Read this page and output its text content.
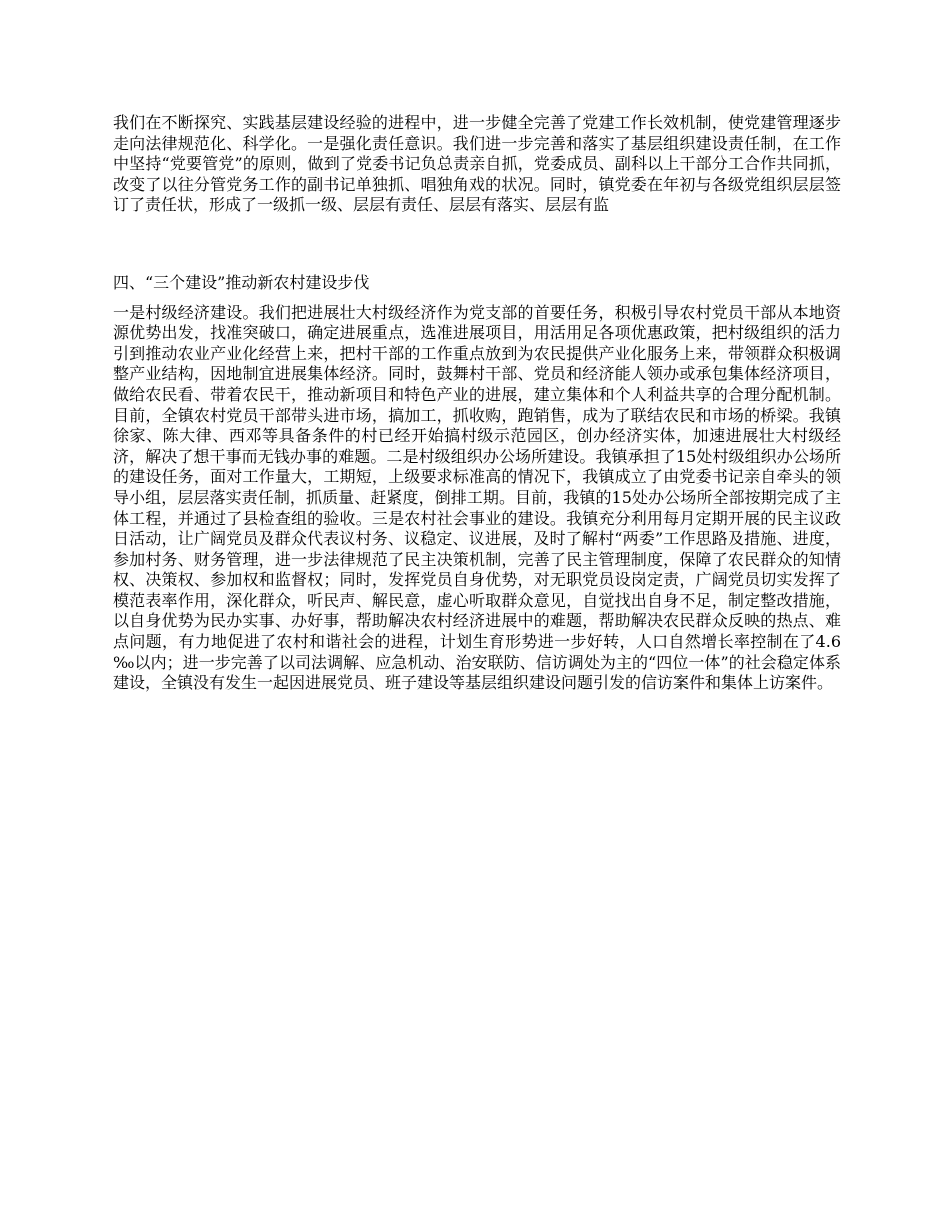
我们在不断探究、实践基层建设经验的进程中，进一步健全完善了党建工作长效机制，使党建管理逐步走向法律规范化、科学化。一是强化责任意识。我们进一步完善和落实了基层组织建设责任制，在工作中坚持“党要管党”的原则，做到了党委书记负总责亲自抓，党委成员、副科以上干部分工合作共同抓，改变了以往分管党务工作的副书记单独抓、唱独角戏的状况。同时，镇党委在年初与各级党组织层层签订了责任状，形成了一级抓一级、层层有责任、层层有落实、层层有监

四、“三个建设”推动新农村建设步伐

一是村级经济建设。我们把进展壮大村级经济作为党支部的首要任务，积极引导农村党员干部从本地资源优势出发，找准突破口，确定进展重点，选准进展项目，用活用足各项优惠政策，把村级组织的活力引到推动农业产业化经营上来，把村干部的工作重点放到为农民提供产业化服务上来，带领群众积极调整产业结构，因地制宜进展集体经济。同时，鼓舞村干部、党员和经济能人领办或承包集体经济项目，做给农民看、带着农民干，推动新项目和特色产业的进展，建立集体和个人利益共享的合理分配机制。目前，全镇农村党员干部带头进市场，搞加工，抓收购，跑销售，成为了联结农民和市场的桥梁。我镇徐家、陈大律、西邓等具备条件的村已经开始搞村级示范园区，创办经济实体，加速进展壮大村级经济，解决了想干事而无钱办事的难题。二是村级组织办公场所建设。我镇承担了15处村级组织办公场所的建设任务，面对工作量大，工期短，上级要求标准高的情况下，我镇成立了由党委书记亲自牵头的领导小组，层层落实责任制，抓质量、赶紧度，倒排工期。目前，我镇的15处办公场所全部按期完成了主体工程，并通过了县检查组的验收。三是农村社会事业的建设。我镇充分利用每月定期开展的民主议政日活动，让广阔党员及群众代表议村务、议稳定、议进展，及时了解村“两委”工作思路及措施、进度，参加村务、财务管理，进一步法律规范了民主决策机制，完善了民主管理制度，保障了农民群众的知情权、决策权、参加权和监督权；同时，发挥党员自身优势，对无职党员设岗定责，广阔党员切实发挥了模范表率作用，深化群众，听民声、解民意，虚心听取群众意见，自觉找出自身不足，制定整改措施，以自身优势为民办实事、办好事，帮助解决农村经济进展中的难题，帮助解决农民群众反映的热点、难点问题，有力地促进了农村和谐社会的进程，计划生育形势进一步好转，人口自然增长率控制在了4.6 ‰以内；进一步完善了以司法调解、应急机动、治安联防、信访调处为主的“四位一体”的社会稳定体系建设，全镇没有发生一起因进展党员、班子建设等基层组织建设问题引发的信访案件和集体上访案件。
